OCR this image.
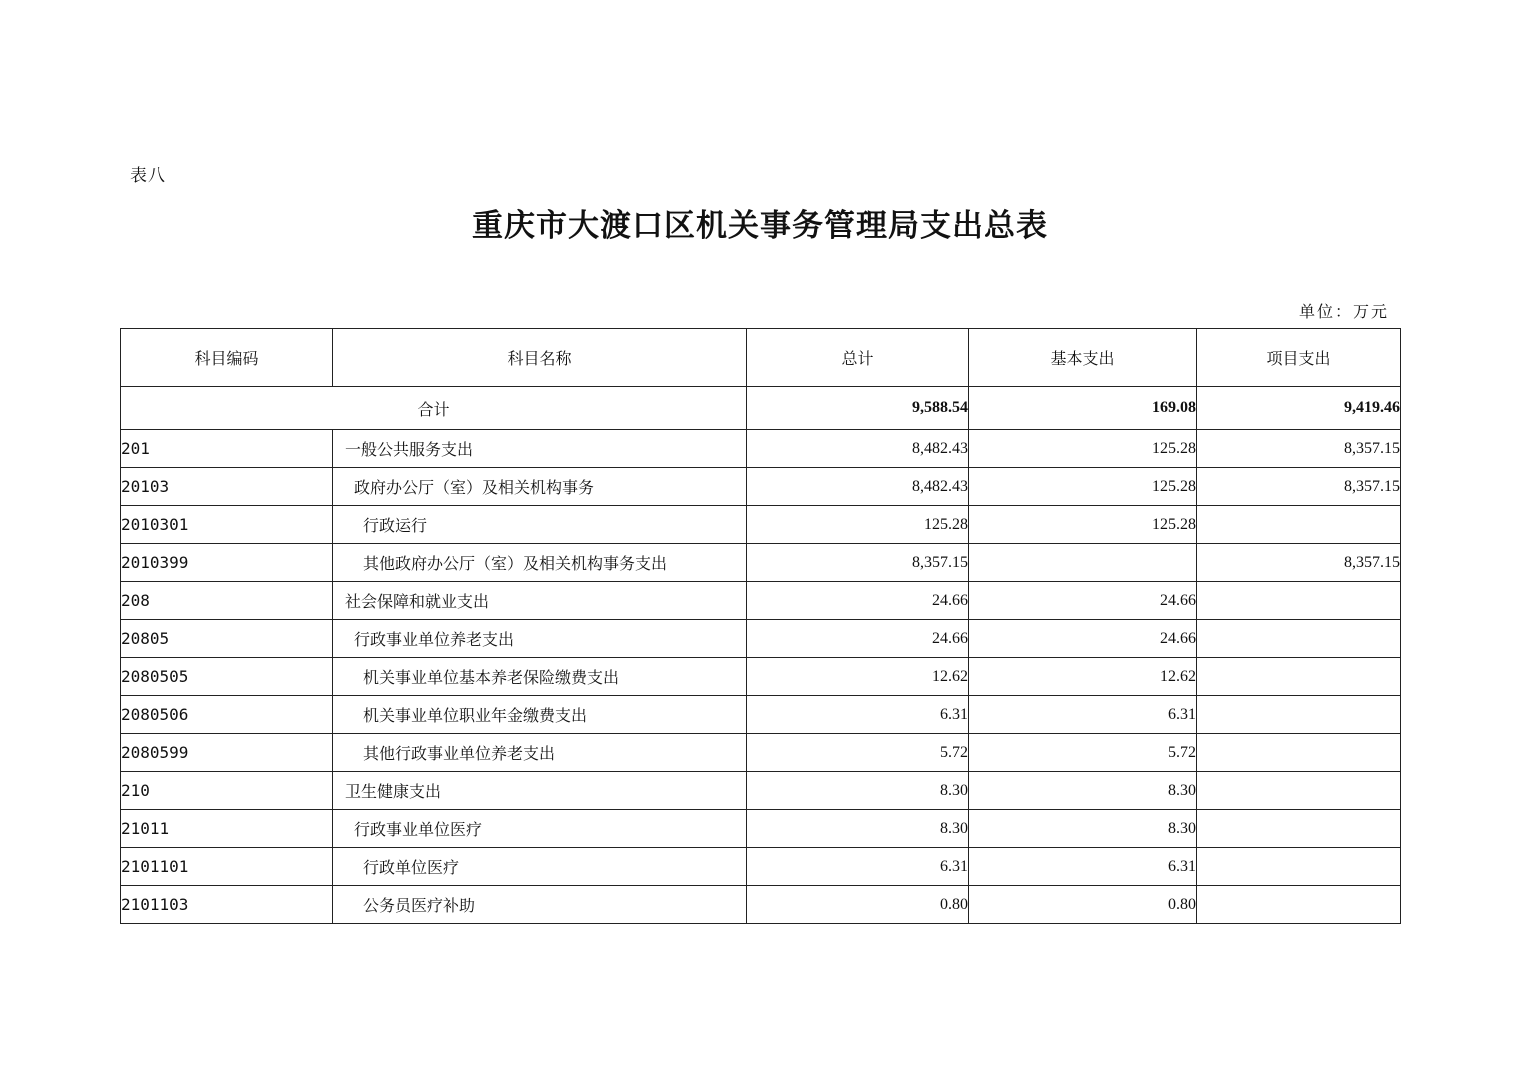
表八
重庆市大渡口区机关事务管理局支出总表
单位：万元
科目编码	科目名称	总计	基本支出	项目支出
合计		9,588.54	169.08	9,419.46
201	一般公共服务支出	8,482.43	125.28	8,357.15
20103	政府办公厅（室）及相关机构事务	8,482.43	125.28	8,357.15
2010301	行政运行	125.28	125.28	
2010399	其他政府办公厅（室）及相关机构事务支出	8,357.15		8,357.15
208	社会保障和就业支出	24.66	24.66	
20805	行政事业单位养老支出	24.66	24.66	
2080505	机关事业单位基本养老保险缴费支出	12.62	12.62	
2080506	机关事业单位职业年金缴费支出	6.31	6.31	
2080599	其他行政事业单位养老支出	5.72	5.72	
210	卫生健康支出	8.30	8.30	
21011	行政事业单位医疗	8.30	8.30	
2101101	行政单位医疗	6.31	6.31	
2101103	公务员医疗补助	0.80	0.80	
